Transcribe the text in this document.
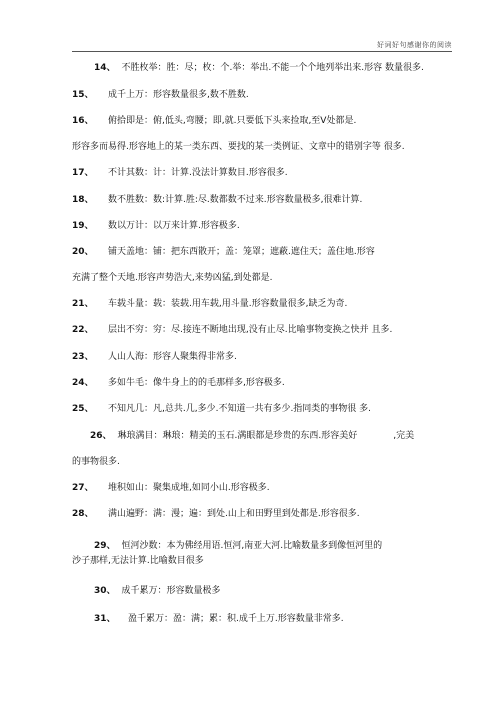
好词好句感谢你的阅读
14、 不胜枚举：胜：尽；枚：个.举：举出.不能一个个地列举出来.形容 数量很多.
15、 成千上万：形容数量很多,数不胜数.
16、 俯拾即是：俯,低头,弯腰；即,就.只要低下头来捡取,至V处都是.
形容多而易得.形容地上的某一类东西、要找的某一类例证、文章中的错别字等 很多.
17、 不计其数：计：计算.没法计算数目.形容很多.
18、 数不胜数：数:计算.胜:尽.数都数不过来.形容数量极多,很难计算.
19、 数以万计：以万来计算.形容极多.
20、 铺天盖地：铺：把东西散开；盖：笼罩；遮蔽.遮住天；盖住地.形容
充满了整个天地.形容声势浩大,来势凶猛,到处都是.
21、 车载斗量：载：装载.用车载,用斗量.形容数量很多,缺乏为奇.
22、 层出不穷：穷：尽.接连不断地出现,没有止尽.比喻事物变换之快并 且多.
23、 人山人海：形容人聚集得非常多.
24、 多如牛毛：像牛身上的的毛那样多,形容极多.
25、 不知凡几：凡,总共.几,多少.不知道一共有多少.指同类的事物很 多.
26、 琳琅满目：琳琅：精美的玉石.满眼都是珍贵的东西.形容美好　　　　,完美
的事物很多.
27、 堆积如山：聚集成堆,如同小山.形容极多.
28、 满山遍野：满：漫；遍：到处.山上和田野里到处都是.形容很多.
29、 恒河沙数：本为佛经用语.恒河,南亚大河.比喻数量多到像恒河里的
沙子那样,无法计算.比喻数目很多
30、 成千累万：形容数量极多
31、 盈千累万：盈：满；累：积.成千上万.形容数量非常多.
